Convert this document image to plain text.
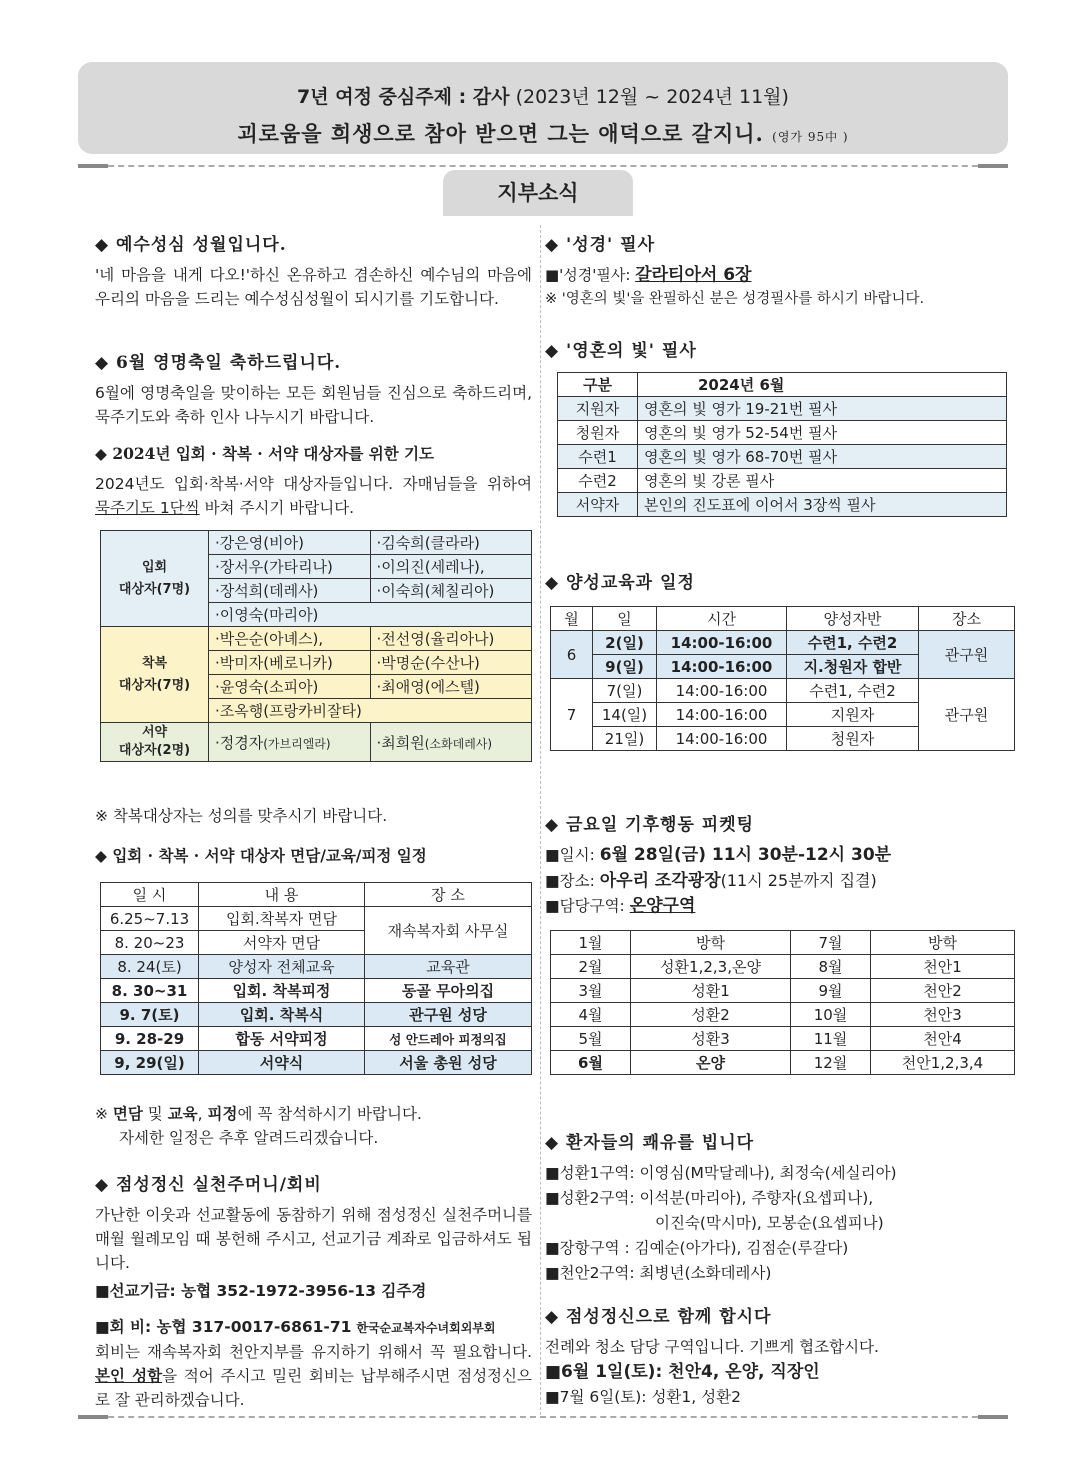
7년 여정 중심주제 : 감사 (2023년 12월 ~ 2024년 11월)
괴로움을 희생으로 참아 받으면 그는 애덕으로 갈지니. (영가 95中 )
지부소식
◆ 예수성심 성월입니다.

'네 마음을 내게 다오!'하신 온유하고 겸손하신 예수님의 마음에 우리의 마음을 드리는 예수성심성월이 되시기를 기도합니다.

◆ 6월 영명축일 축하드립니다.

6월에 영명축일을 맞이하는 모든 회원님들 진심으로 축하드리며, 묵주기도와 축하 인사 나누시기 바랍니다.

◆ 2024년 입회 · 착복 · 서약 대상자를 위한 기도

2024년도 입회·착복·서약 대상자들입니다. 자매님들을 위하여 묵주기도 1단씩 바쳐 주시기 바랍니다.

입회
대상자(7명)	·강은영(비아)	·김숙희(클라라)
	·장서우(가타리나)	·이의진(세레나),
	·장석희(데레사)	·이숙희(체칠리아)
	·이영숙(마리아)	
착복
대상자(7명)	·박은순(아녜스),	·전선영(율리아나)
	·박미자(베로니카)	·박명순(수산나)
	·윤영숙(소피아)	·최애영(에스텔)
	·조옥행(프랑카비잘타)	
서약
대상자(2명)	·정경자(가브리엘라)	·최희원(소화데레사)

※ 착복대상자는 성의를 맞추시기 바랍니다.

◆ 입회 · 착복 · 서약 대상자 면담/교육/피정 일정
일 시	내 용	장 소
6.25~7.13	입회.착복자 면담	재속복자회 사무실
8. 20~23	서약자 면담	
8. 24(토)	양성자 전체교육	교육관
8. 30~31	입회. 착복피정	동골 무아의집
9. 7(토)	입회. 착복식	관구원 성당
9. 28-29	합동 서약피정	성 안드레아 피정의집
9, 29(일)	서약식	서울 총원 성당

※ 면담 및 교육, 피정에 꼭 참석하시기 바랍니다.

자세한 일정은 추후 알려드리겠습니다.

◆ 점성정신 실천주머니/회비

가난한 이웃과 선교활동에 동참하기 위해 점성정신 실천주머니를 매월 월례모임 때 봉헌해 주시고, 선교기금 계좌로 입금하셔도 됩니다.

■선교기금: 농협 352-1972-3956-13 김주경

■회 비: 농협 317-0017-6861-71 한국순교복자수녀회외부회

회비는 재속복자회 천안지부를 유지하기 위해서 꼭 필요합니다. 본인 성함을 적어 주시고 밀린 회비는 납부해주시면 점성정신으로 잘 관리하겠습니다.

◆ '성경' 필사

■'성경'필사: 갈라티아서 6장

※ '영혼의 빛'을 완필하신 분은 성경필사를 하시기 바랍니다.

◆ '영혼의 빛' 필사
구분	2024년 6월
지원자	영혼의 빛 영가 19-21번 필사
청원자	영혼의 빛 영가 52-54번 필사
수련1	영혼의 빛 영가 68-70번 필사
수련2	영혼의 빛 강론 필사
서약자	본인의 진도표에 이어서 3장씩 필사
◆ 양성교육과 일정
월	일	시간	양성자반	장소
6	2(일)	14:00-16:00	수련1, 수련2	관구원
	9(일)	14:00-16:00	지.청원자 합반	
7	7(일)	14:00-16:00	수련1, 수련2	관구원
	14(일)	14:00-16:00	지원자	
	21일)	14:00-16:00	청원자	
◆ 금요일 기후행동 피켓팅

■일시: 6월 28일(금) 11시 30분-12시 30분

■장소: 아우리 조각광장(11시 25분까지 집결)

■담당구역: 온양구역

1월	방학	7월	방학
2월	성환1,2,3,온양	8월	천안1
3월	성환1	9월	천안2
4월	성환2	10월	천안3
5월	성환3	11월	천안4
6월	온양	12월	천안1,2,3,4
◆ 환자들의 쾌유를 빕니다

■성환1구역: 이영심(M막달레나), 최정숙(세실리아)

■성환2구역: 이석분(마리아), 주향자(요셉피나),

이진숙(막시마), 모봉순(요셉피나)

■장항구역 : 김예순(아가다), 김점순(루갈다)

■천안2구역: 최병년(소화데레사)

◆ 점성정신으로 함께 합시다

전례와 청소 담당 구역입니다. 기쁘게 협조합시다.

■6월 1일(토): 천안4, 온양, 직장인

■7월 6일(토): 성환1, 성환2
